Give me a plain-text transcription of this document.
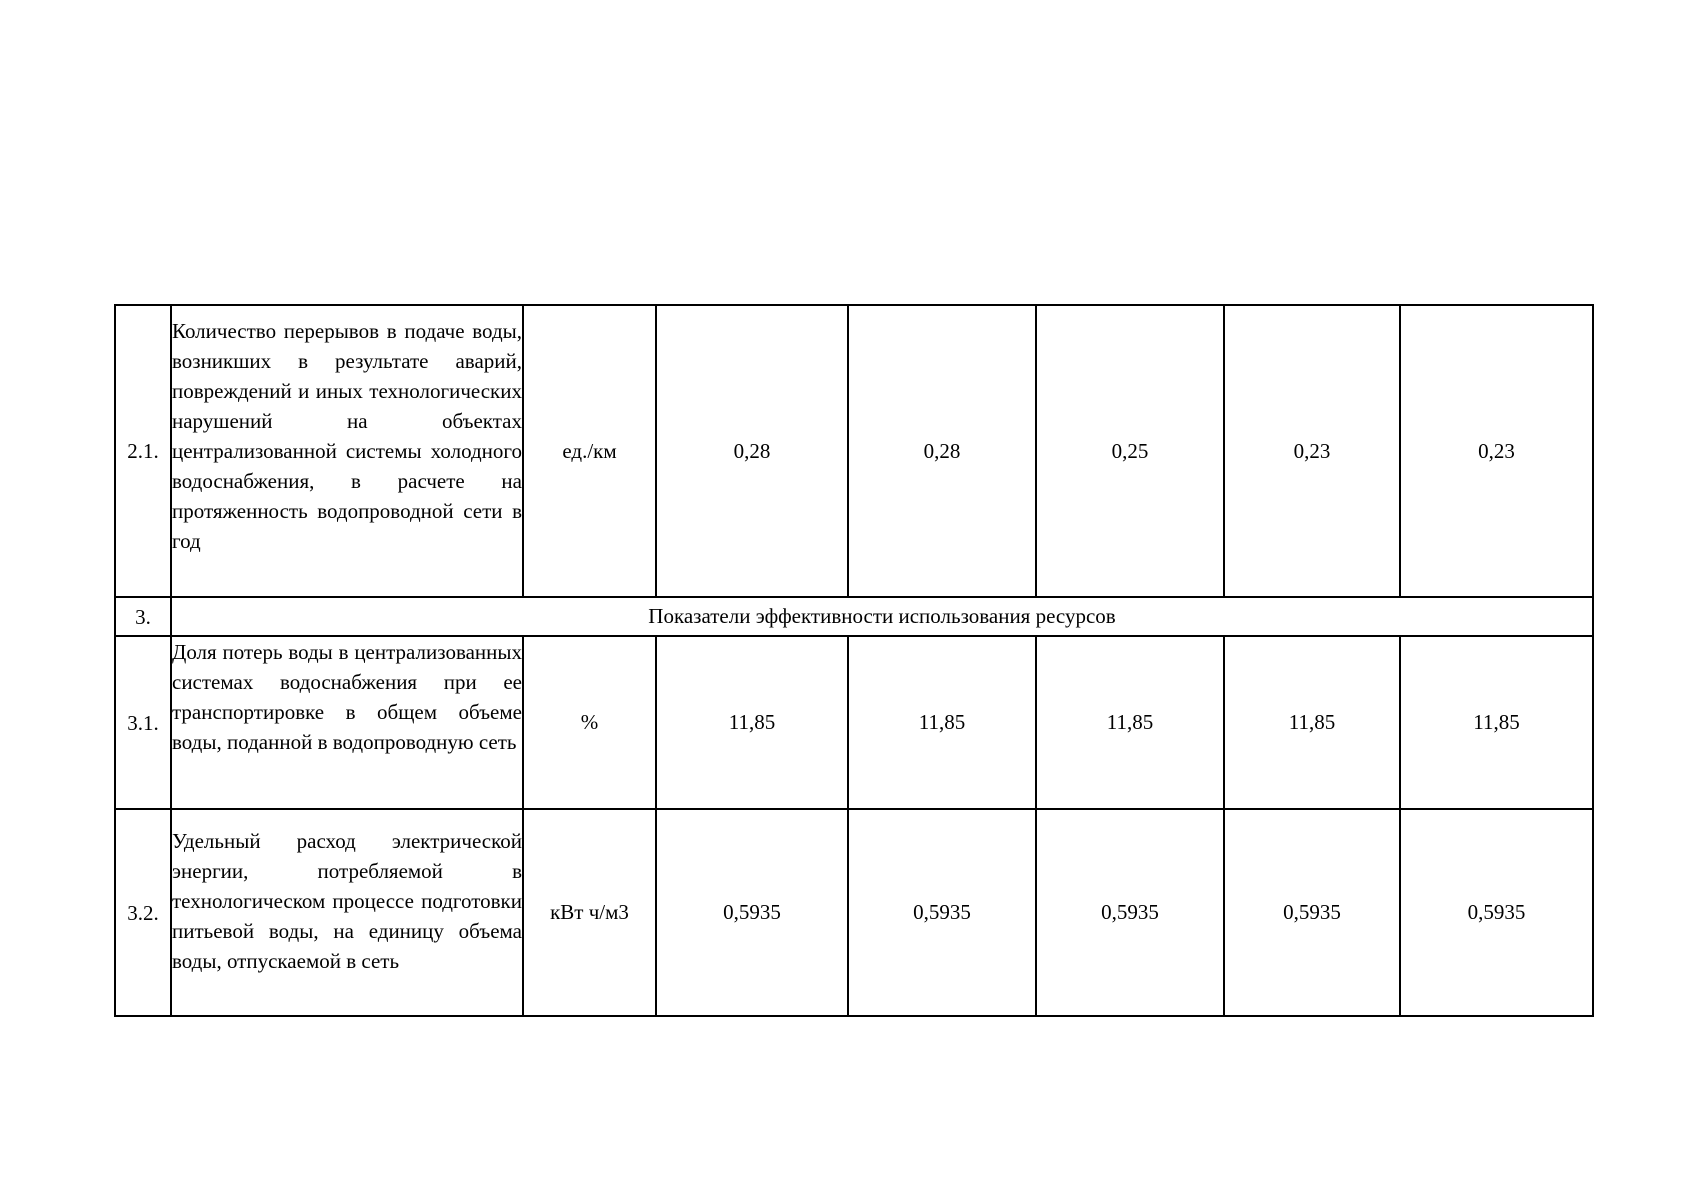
2.1.	Количество перерывов в подаче воды, возникших в результате аварий, повреждений и иных технологических нарушений на объектах централизованной системы холодного водоснабжения, в расчете на протяженность водопроводной сети в год	ед./км	0,28	0,28	0,25	0,23	0,23
3.	Показатели эффективности использования ресурсов						
3.1.	Доля потерь воды в централизованных системах водоснабжения при ее транспортировке в общем объеме воды, поданной в водопроводную сеть	%	11,85	11,85	11,85	11,85	11,85
3.2.	Удельный расход электрической энергии, потребляемой в технологическом процессе подготовки питьевой воды, на единицу объема воды, отпускаемой в сеть	кВт ч/м3	0,5935	0,5935	0,5935	0,5935	0,5935
